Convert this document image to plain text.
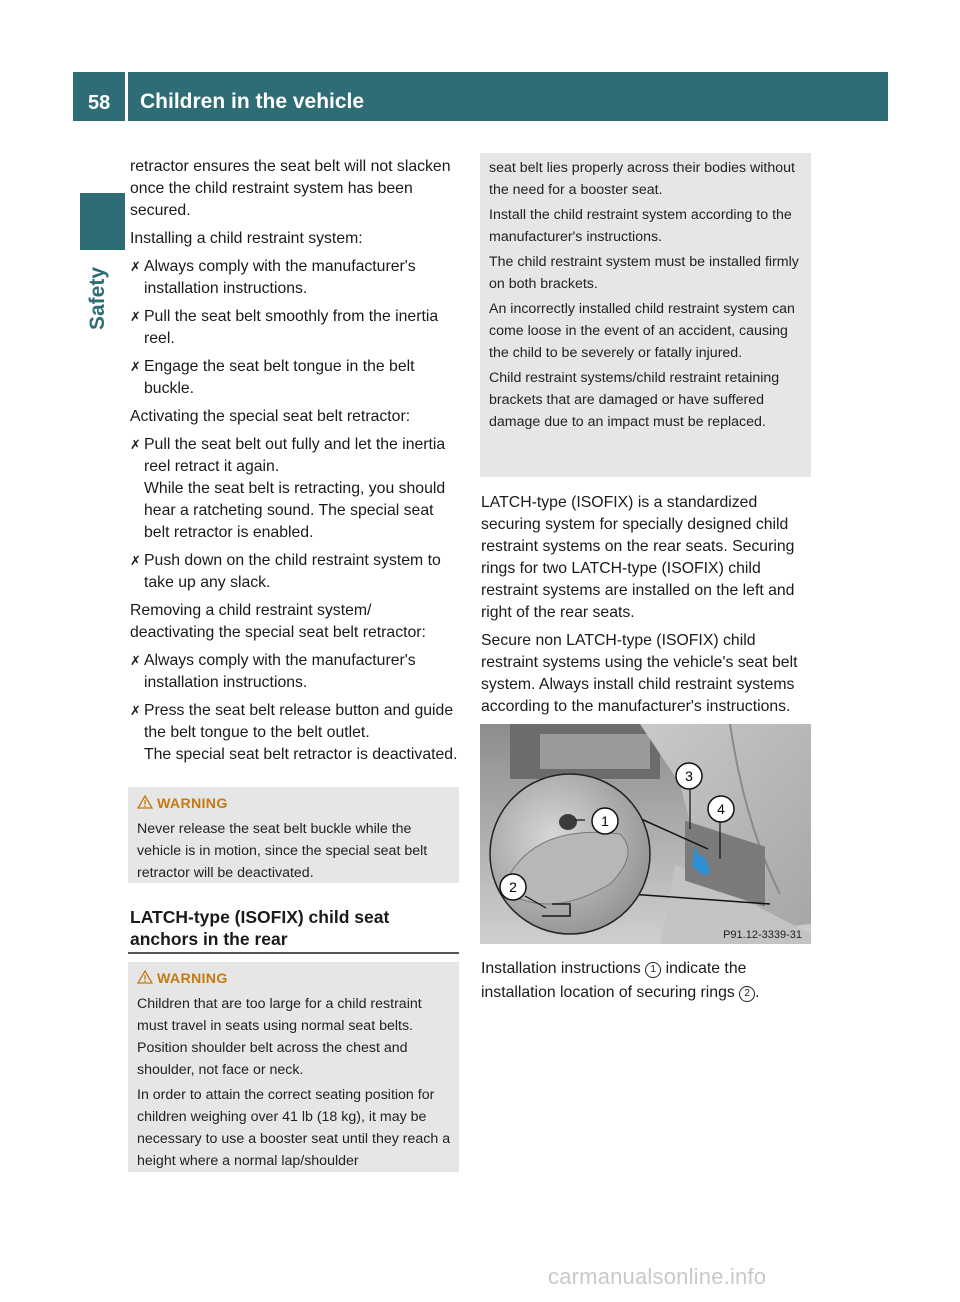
58 Children in the vehicle
Safety

retractor ensures the seat belt will not slacken once the child restraint system has been secured.

Installing a child restraint system:

✗ Always comply with the manufacturer's installation instructions.
✗ Pull the seat belt smoothly from the inertia reel.
✗ Engage the seat belt tongue in the belt buckle.

Activating the special seat belt retractor:

✗ Pull the seat belt out fully and let the inertia reel retract it again.
While the seat belt is retracting, you should hear a ratcheting sound. The special seat belt retractor is enabled.
✗ Push down on the child restraint system to take up any slack.

Removing a child restraint system/ deactivating the special seat belt retractor:

✗ Always comply with the manufacturer's installation instructions.
✗ Press the seat belt release button and guide the belt tongue to the belt outlet.
The special seat belt retractor is deactivated.

WARNING

Never release the seat belt buckle while the vehicle is in motion, since the special seat belt retractor will be deactivated.

LATCH-type (ISOFIX) child seat anchors in the rear

WARNING

Children that are too large for a child restraint must travel in seats using normal seat belts. Position shoulder belt across the chest and shoulder, not face or neck.

In order to attain the correct seating position for children weighing over 41 lb (18 kg), it may be necessary to use a booster seat until they reach a height where a normal lap/shoulder

seat belt lies properly across their bodies without the need for a booster seat.

Install the child restraint system according to the manufacturer's instructions.

The child restraint system must be installed firmly on both brackets.

An incorrectly installed child restraint system can come loose in the event of an accident, causing the child to be severely or fatally injured.

Child restraint systems/child restraint retaining brackets that are damaged or have suffered damage due to an impact must be replaced.

LATCH-type (ISOFIX) is a standardized securing system for specially designed child restraint systems on the rear seats. Securing rings for two LATCH-type (ISOFIX) child restraint systems are installed on the left and right of the rear seats.

Secure non LATCH-type (ISOFIX) child restraint systems using the vehicle's seat belt system. Always install child restraint systems according to the manufacturer's instructions.

1
2
3
4
P91.12-3339-31
Installation instructions 1 indicate the installation location of securing rings 2 .
carmanualsonline.info
